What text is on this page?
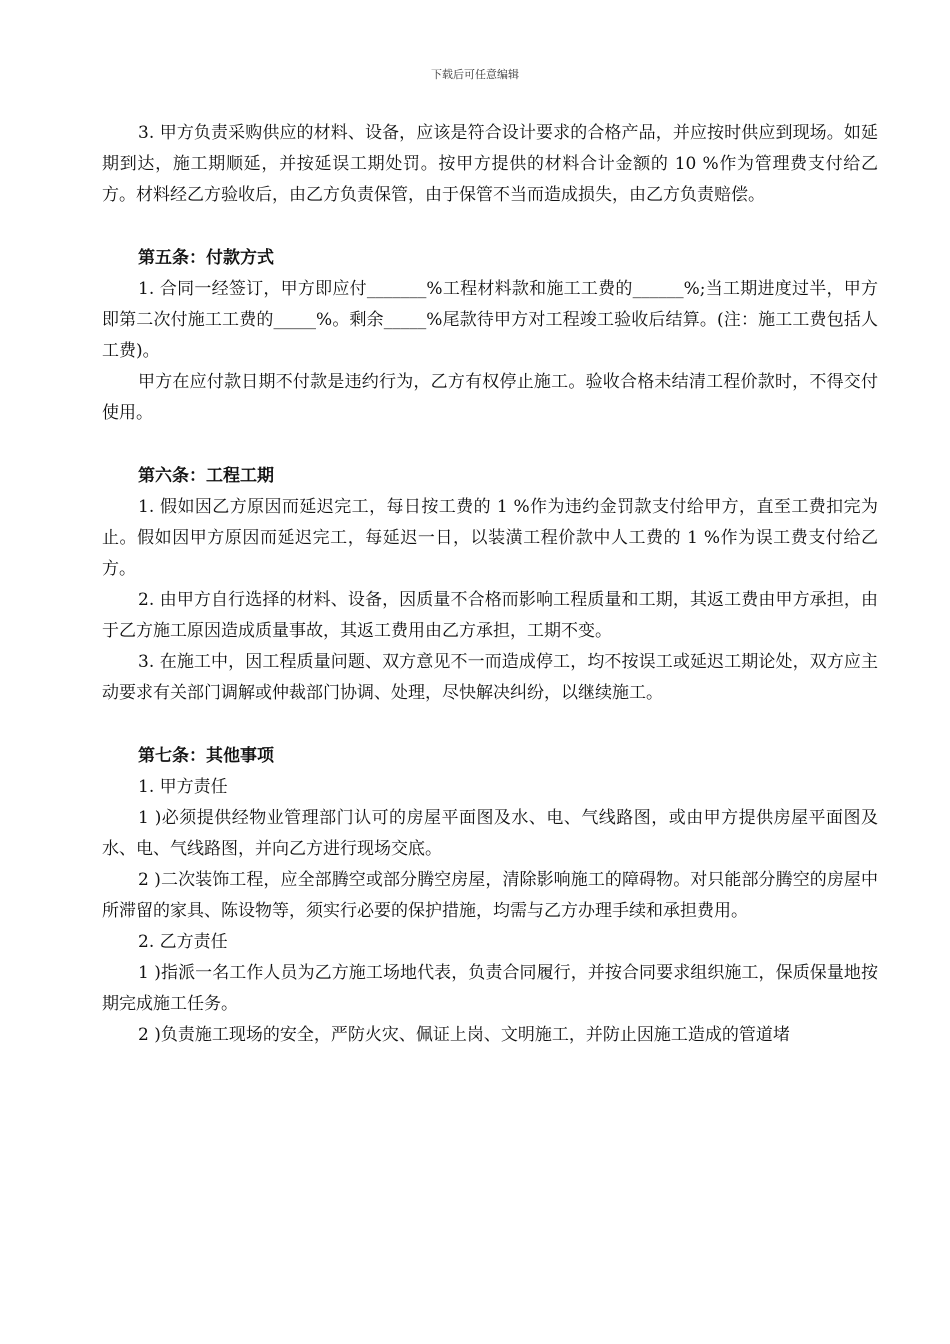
下载后可任意编辑

3. 甲方负责采购供应的材料、设备，应该是符合设计要求的合格产品，并应按时供应到现场。如延期到达，施工期顺延，并按延误工期处罚。按甲方提供的材料合计金额的 10 %作为管理费支付给乙方。材料经乙方验收后，由乙方负责保管，由于保管不当而造成损失，由乙方负责赔偿。

第五条：付款方式

1. 合同一经签订，甲方即应付_______%工程材料款和施工工费的______%;当工期进度过半，甲方即第二次付施工工费的_____%。剩余_____%尾款待甲方对工程竣工验收后结算。(注：施工工费包括人工费)。

甲方在应付款日期不付款是违约行为，乙方有权停止施工。验收合格未结清工程价款时，不得交付使用。

第六条：工程工期

1. 假如因乙方原因而延迟完工，每日按工费的 1 %作为违约金罚款支付给甲方，直至工费扣完为止。假如因甲方原因而延迟完工，每延迟一日，以装潢工程价款中人工费的 1 %作为误工费支付给乙方。

2. 由甲方自行选择的材料、设备，因质量不合格而影响工程质量和工期，其返工费由甲方承担，由于乙方施工原因造成质量事故，其返工费用由乙方承担，工期不变。

3. 在施工中，因工程质量问题、双方意见不一而造成停工，均不按误工或延迟工期论处，双方应主动要求有关部门调解或仲裁部门协调、处理，尽快解决纠纷，以继续施工。

第七条：其他事项

1. 甲方责任

1 )必须提供经物业管理部门认可的房屋平面图及水、电、气线路图，或由甲方提供房屋平面图及水、电、气线路图，并向乙方进行现场交底。

2 )二次装饰工程，应全部腾空或部分腾空房屋，清除影响施工的障碍物。对只能部分腾空的房屋中所滞留的家具、陈设物等，须实行必要的保护措施，均需与乙方办理手续和承担费用。

2. 乙方责任

1 )指派一名工作人员为乙方施工场地代表，负责合同履行，并按合同要求组织施工，保质保量地按期完成施工任务。

2 )负责施工现场的安全，严防火灾、佩证上岗、文明施工，并防止因施工造成的管道堵
